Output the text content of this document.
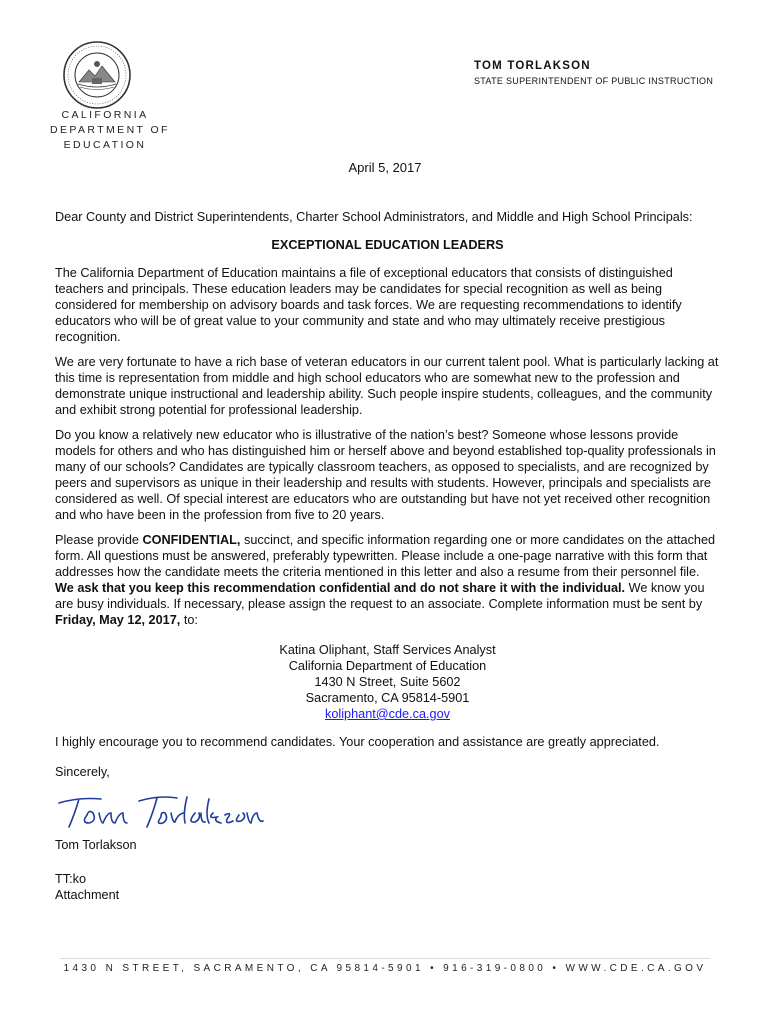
CALIFORNIA
DEPARTMENT OF
EDUCATION
TOM TORLAKSON
STATE SUPERINTENDENT OF PUBLIC INSTRUCTION
April 5, 2017

Dear County and District Superintendents, Charter School Administrators, and Middle and High School Principals:

EXCEPTIONAL EDUCATION LEADERS

The California Department of Education maintains a file of exceptional educators that consists of distinguished teachers and principals. These education leaders may be candidates for special recognition as well as being considered for membership on advisory boards and task forces. We are requesting recommendations to identify educators who will be of great value to your community and state and who may ultimately receive prestigious recognition.

We are very fortunate to have a rich base of veteran educators in our current talent pool. What is particularly lacking at this time is representation from middle and high school educators who are somewhat new to the profession and demonstrate unique instructional and leadership ability. Such people inspire students, colleagues, and the community and exhibit strong potential for professional leadership.

Do you know a relatively new educator who is illustrative of the nation’s best? Someone whose lessons provide models for others and who has distinguished him or herself above and beyond established top-quality professionals in many of our schools? Candidates are typically classroom teachers, as opposed to specialists, and are recognized by peers and supervisors as unique in their leadership and results with students. However, principals and specialists are considered as well. Of special interest are educators who are outstanding but have not yet received other recognition and who have been in the profession from five to 20 years.

Please provide CONFIDENTIAL, succinct, and specific information regarding one or more candidates on the attached form. All questions must be answered, preferably typewritten. Please include a one-page narrative with this form that addresses how the candidate meets the criteria mentioned in this letter and also a resume from their personnel file. We ask that you keep this recommendation confidential and do not share it with the individual. We know you are busy individuals. If necessary, please assign the request to an associate. Complete information must be sent by Friday, May 12, 2017, to:

Katina Oliphant, Staff Services Analyst
California Department of Education
1430 N Street, Suite 5602
Sacramento, CA 95814-5901
koliphant@cde.ca.gov

I highly encourage you to recommend candidates. Your cooperation and assistance are greatly appreciated.

Sincerely,

Tom Torlakson

TT:ko

Attachment

1430 N STREET, SACRAMENTO, CA 95814-5901 • 916-319-0800 • WWW.CDE.CA.GOV
